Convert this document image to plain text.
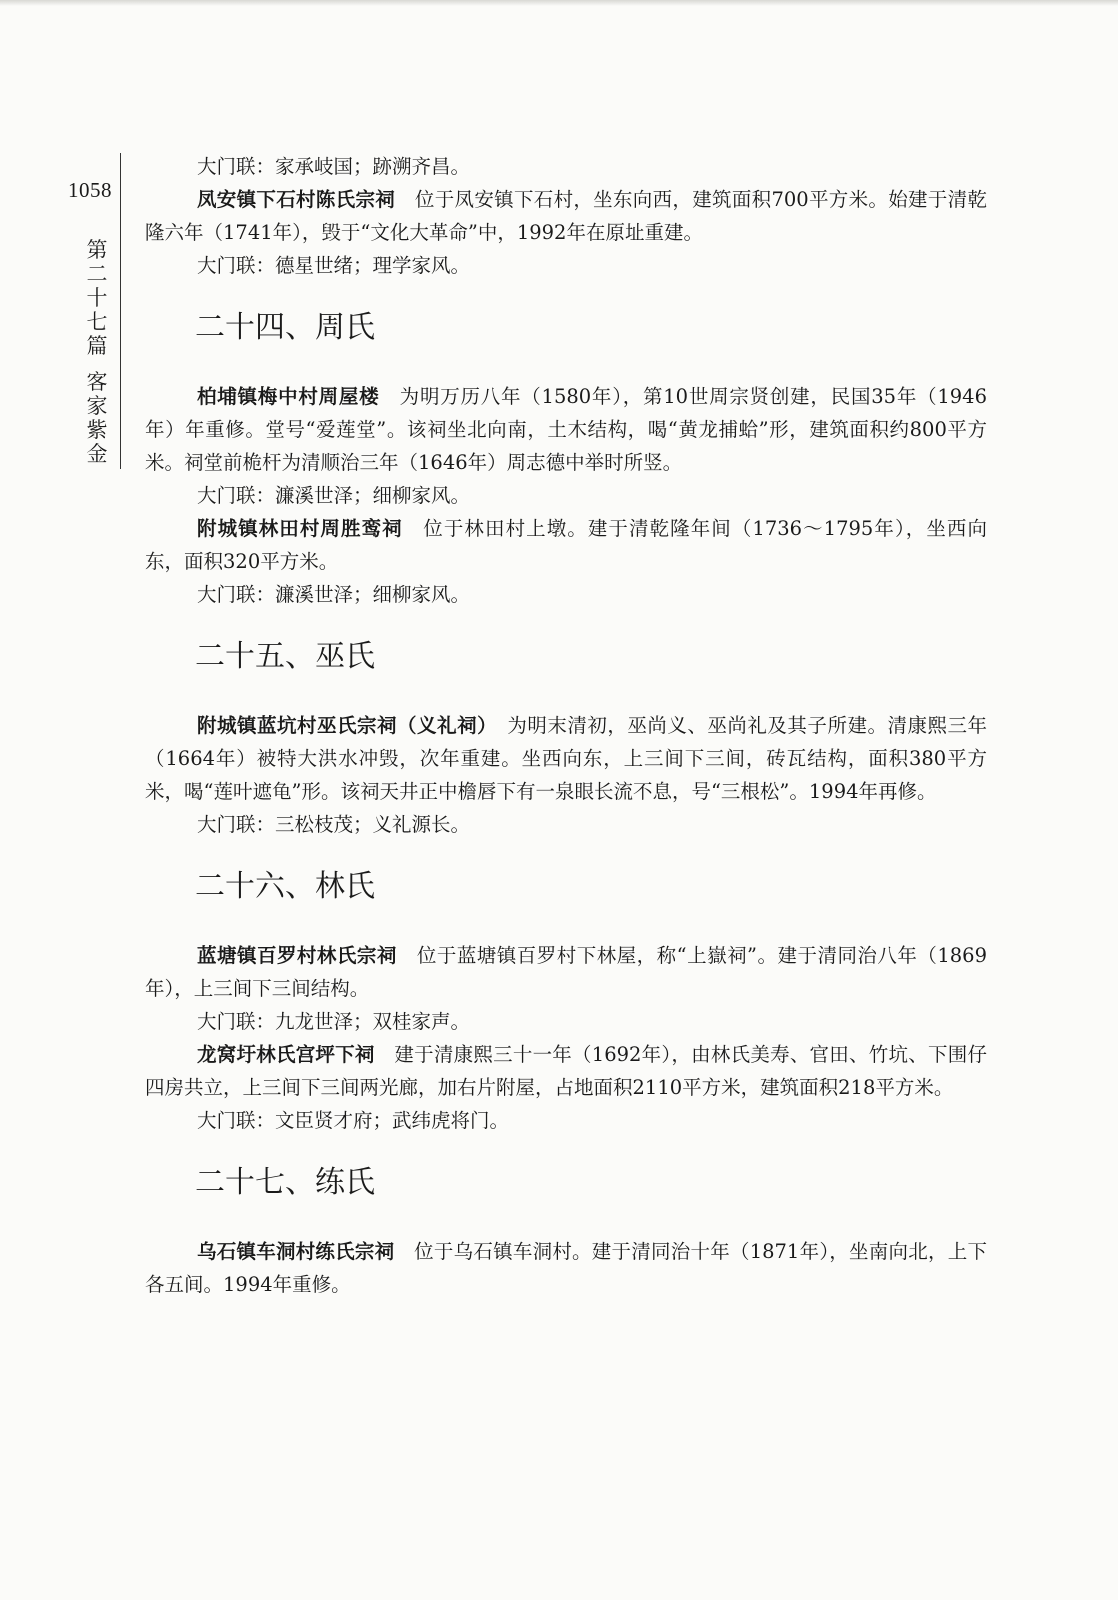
1058
第
二
十
七
篇
客
家
紫
金

大门联：家承岐国；跡溯齐昌。

凤安镇下石村陈氏宗祠　位于凤安镇下石村，坐东向西，建筑面积700平方米。始建于清乾隆六年（1741年），毁于“文化大革命”中，1992年在原址重建。

大门联：德星世绪；理学家风。

二十四、周氏

柏埔镇梅中村周屋楼　为明万历八年（1580年），第10世周宗贤创建，民国35年（1946年）年重修。堂号“爱莲堂”。该祠坐北向南，土木结构，喝“黄龙捕蛤”形，建筑面积约800平方米。祠堂前桅杆为清顺治三年（1646年）周志德中举时所竖。

大门联：濂溪世泽；细柳家风。

附城镇林田村周胜鸾祠　位于林田村上墩。建于清乾隆年间（1736～1795年），坐西向东，面积320平方米。

大门联：濂溪世泽；细柳家风。

二十五、巫氏

附城镇蓝坑村巫氏宗祠（义礼祠）　为明末清初，巫尚义、巫尚礼及其子所建。清康熙三年（1664年）被特大洪水冲毁，次年重建。坐西向东，上三间下三间，砖瓦结构，面积380平方米，喝“莲叶遮龟”形。该祠天井正中檐唇下有一泉眼长流不息，号“三根松”。1994年再修。

大门联：三松枝茂；义礼源长。

二十六、林氏

蓝塘镇百罗村林氏宗祠　位于蓝塘镇百罗村下林屋，称“上嶽祠”。建于清同治八年（1869年），上三间下三间结构。

大门联：九龙世泽；双桂家声。

龙窝圩林氏宫坪下祠　建于清康熙三十一年（1692年），由林氏美寿、官田、竹坑、下围仔四房共立，上三间下三间两光廊，加右片附屋，占地面积2110平方米，建筑面积218平方米。

大门联：文臣贤才府；武纬虎将门。

二十七、练氏

乌石镇车洞村练氏宗祠　位于乌石镇车洞村。建于清同治十年（1871年），坐南向北，上下各五间。1994年重修。
